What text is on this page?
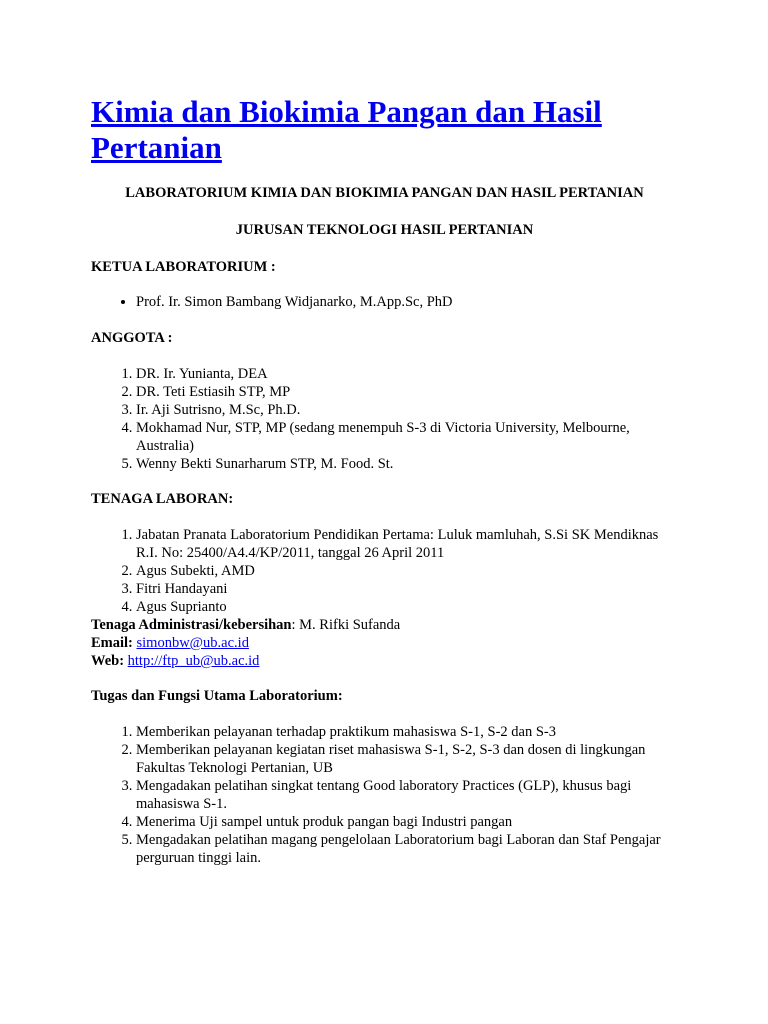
Kimia dan Biokimia Pangan dan Hasil Pertanian

LABORATORIUM KIMIA DAN BIOKIMIA PANGAN DAN HASIL PERTANIAN

JURUSAN TEKNOLOGI HASIL PERTANIAN

KETUA LABORATORIUM :

• Prof. Ir. Simon Bambang Widjanarko, M.App.Sc, PhD

ANGGOTA :

1. DR. Ir. Yunianta, DEA
2. DR. Teti Estiasih STP, MP
3. Ir. Aji Sutrisno, M.Sc, Ph.D.
4. Mokhamad Nur, STP, MP (sedang menempuh S-3 di Victoria University, Melbourne, Australia)
5. Wenny Bekti Sunarharum STP, M. Food. St.

TENAGA LABORAN:

1. Jabatan Pranata Laboratorium Pendidikan Pertama: Luluk mamluhah, S.Si SK Mendiknas R.I. No: 25400/A4.4/KP/2011, tanggal 26 April 2011
2. Agus Subekti, AMD
3. Fitri Handayani
4. Agus Suprianto

Tenaga Administrasi/kebersihan: M. Rifki Sufanda

Email: simonbw@ub.ac.id

Web: http://ftp_ub@ub.ac.id

Tugas dan Fungsi Utama Laboratorium:

1. Memberikan pelayanan terhadap praktikum mahasiswa S-1, S-2 dan S-3
2. Memberikan pelayanan kegiatan riset mahasiswa S-1, S-2, S-3 dan dosen di lingkungan Fakultas Teknologi Pertanian, UB
3. Mengadakan pelatihan singkat tentang Good laboratory Practices (GLP), khusus bagi mahasiswa S-1.
4. Menerima Uji sampel untuk produk pangan bagi Industri pangan
5. Mengadakan pelatihan magang pengelolaan Laboratorium bagi Laboran dan Staf Pengajar perguruan tinggi lain.
